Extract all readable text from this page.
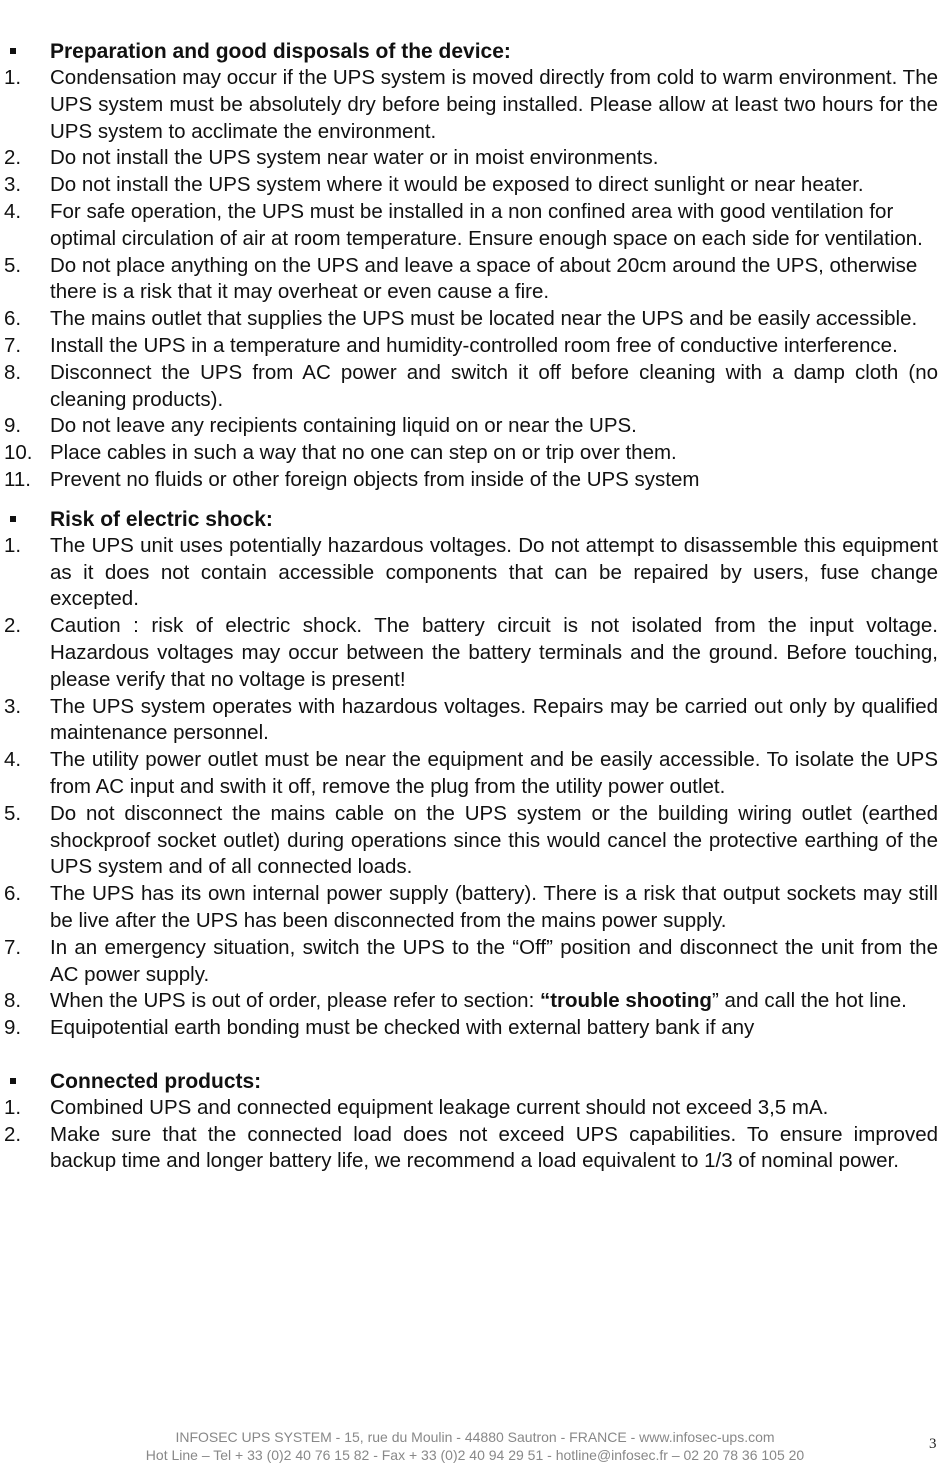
Preparation and good disposals of the device:
1. Condensation may occur if the UPS system is moved directly from cold to warm environment. The UPS system must be absolutely dry before being installed. Please allow at least two hours for the UPS system to acclimate the environment.
2. Do not install the UPS system near water or in moist environments.
3. Do not install the UPS system where it would be exposed to direct sunlight or near heater.
4. For safe operation, the UPS must be installed in a non confined area with good ventilation for optimal circulation of air at room temperature. Ensure enough space on each side for ventilation.
5. Do not place anything on the UPS and leave a space of about 20cm around the UPS, otherwise there is a risk that it may overheat or even cause a fire.
6. The mains outlet that supplies the UPS must be located near the UPS and be easily accessible.
7. Install the UPS in a temperature and humidity-controlled room free of conductive interference.
8. Disconnect the UPS from AC power and switch it off before cleaning with a damp cloth (no cleaning products).
9. Do not leave any recipients containing liquid on or near the UPS.
10. Place cables in such a way that no one can step on or trip over them.
11. Prevent no fluids or other foreign objects from inside of the UPS system
Risk of electric shock:
1. The UPS unit uses potentially hazardous voltages. Do not attempt to disassemble this equipment as it does not contain accessible components that can be repaired by users, fuse change excepted.
2. Caution : risk of electric shock. The battery circuit is not isolated from the input voltage. Hazardous voltages may occur between the battery terminals and the ground. Before touching, please verify that no voltage is present!
3. The UPS system operates with hazardous voltages. Repairs may be carried out only by qualified maintenance personnel.
4. The utility power outlet must be near the equipment and be easily accessible. To isolate the UPS from AC input and swith it off, remove the plug from the utility power outlet.
5. Do not disconnect the mains cable on the UPS system or the building wiring outlet (earthed shockproof socket outlet) during operations since this would cancel the protective earthing of the UPS system and of all connected loads.
6. The UPS has its own internal power supply (battery). There is a risk that output sockets may still be live after the UPS has been disconnected from the mains power supply.
7. In an emergency situation, switch the UPS to the “Off” position and disconnect the unit from the AC power supply.
8. When the UPS is out of order, please refer to section: “trouble shooting” and call the hot line.
9. Equipotential earth bonding must be checked with external battery bank if any
Connected products:
1. Combined UPS and connected equipment leakage current should not exceed 3,5 mA.
2. Make sure that the connected load does not exceed UPS capabilities. To ensure improved backup time and longer battery life, we recommend a load equivalent to 1/3 of nominal power.
INFOSEC UPS SYSTEM - 15, rue du Moulin - 44880 Sautron - FRANCE - www.infosec-ups.com
Hot Line – Tel + 33 (0)2 40 76 15 82 - Fax + 33 (0)2 40 94 29 51 - hotline@infosec.fr – 02 20 78 36 105 20
3
